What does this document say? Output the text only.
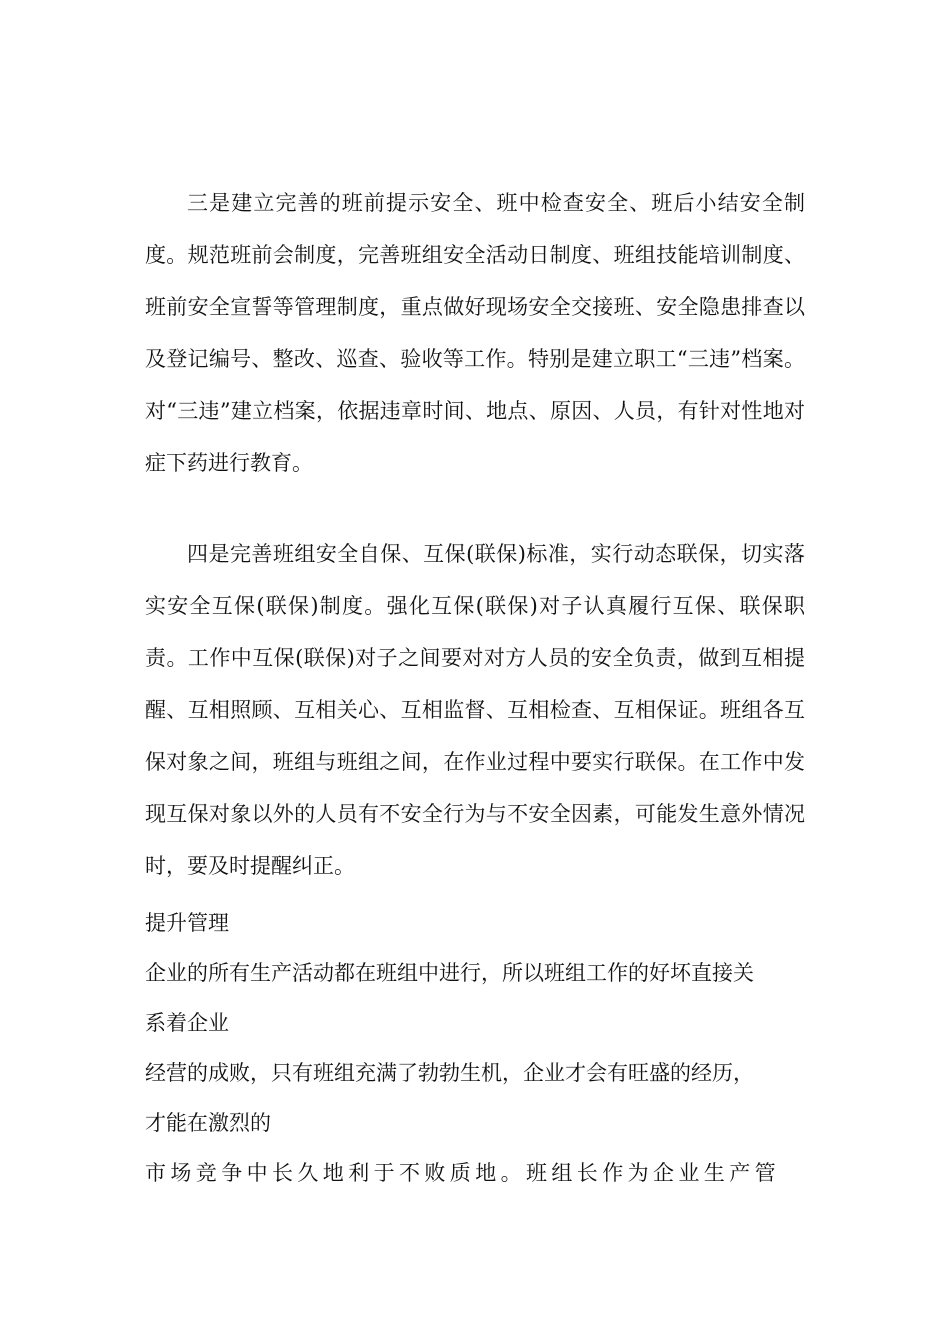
三是建立完善的班前提示安全、班中检查安全、班后小结安全制度。规范班前会制度，完善班组安全活动日制度、班组技能培训制度、班前安全宣誓等管理制度，重点做好现场安全交接班、安全隐患排查以及登记编号、整改、巡查、验收等工作。特别是建立职工“三违”档案。对“三违”建立档案，依据违章时间、地点、原因、人员，有针对性地对症下药进行教育。

四是完善班组安全自保、互保(联保)标准，实行动态联保，切实落实安全互保(联保)制度。强化互保(联保)对子认真履行互保、联保职责。工作中互保(联保)对子之间要对对方人员的安全负责，做到互相提醒、互相照顾、互相关心、互相监督、互相检查、互相保证。班组各互保对象之间，班组与班组之间，在作业过程中要实行联保。在工作中发现互保对象以外的人员有不安全行为与不安全因素，可能发生意外情况时，要及时提醒纠正。

提升管理

企业的所有生产活动都在班组中进行，所以班组工作的好坏直接关

系着企业

经营的成败，只有班组充满了勃勃生机，企业才会有旺盛的经历，

才能在激烈的

市场竞争中长久地利于不败质地。班组长作为企业生产管
